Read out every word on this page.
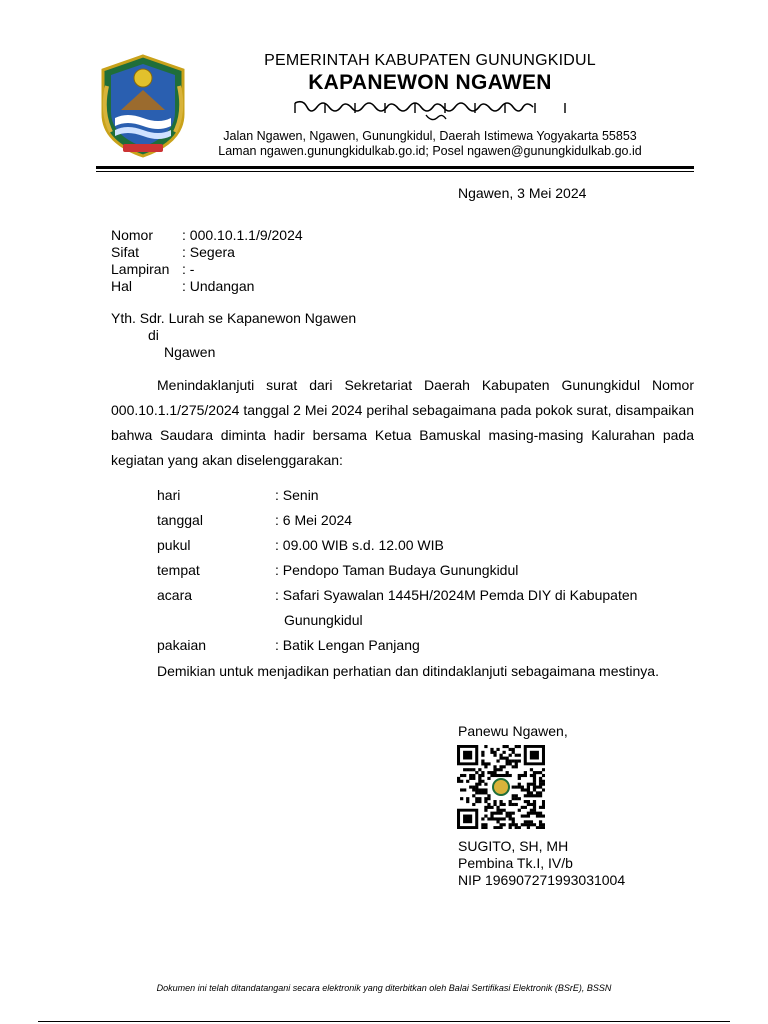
PEMERINTAH KABUPATEN GUNUNGKIDUL
KAPANEWON NGAWEN
Jalan Ngawen, Ngawen, Gunungkidul, Daerah Istimewa Yogyakarta 55853
Laman ngawen.gunungkidulkab.go.id; Posel ngawen@gunungkidulkab.go.id
Ngawen, 3 Mei 2024
Nomor	: 000.10.1.1/9/2024
Sifat	: Segera
Lampiran : -
Hal	: Undangan
Yth. Sdr. Lurah se Kapanewon Ngawen
di
Ngawen
Menindaklanjuti surat dari Sekretariat Daerah Kabupaten Gunungkidul Nomor 000.10.1.1/275/2024 tanggal 2 Mei 2024 perihal sebagaimana pada pokok surat, disampaikan bahwa Saudara diminta hadir bersama Ketua Bamuskal masing-masing Kalurahan pada kegiatan yang akan diselenggarakan:
hari	: Senin
tanggal	: 6 Mei 2024
pukul	: 09.00 WIB s.d. 12.00 WIB
tempat	: Pendopo Taman Budaya Gunungkidul
acara	: Safari Syawalan 1445H/2024M Pemda DIY di Kabupaten
Gunungkidul
pakaian	: Batik Lengan Panjang
Demikian untuk menjadikan perhatian dan ditindaklanjuti sebagaimana mestinya.
Panewu Ngawen,
SUGITO, SH, MH
Pembina Tk.I, IV/b
NIP 196907271993031004
Dokumen ini telah ditandatangani secara elektronik yang diterbitkan oleh Balai Sertifikasi Elektronik (BSrE), BSSN
